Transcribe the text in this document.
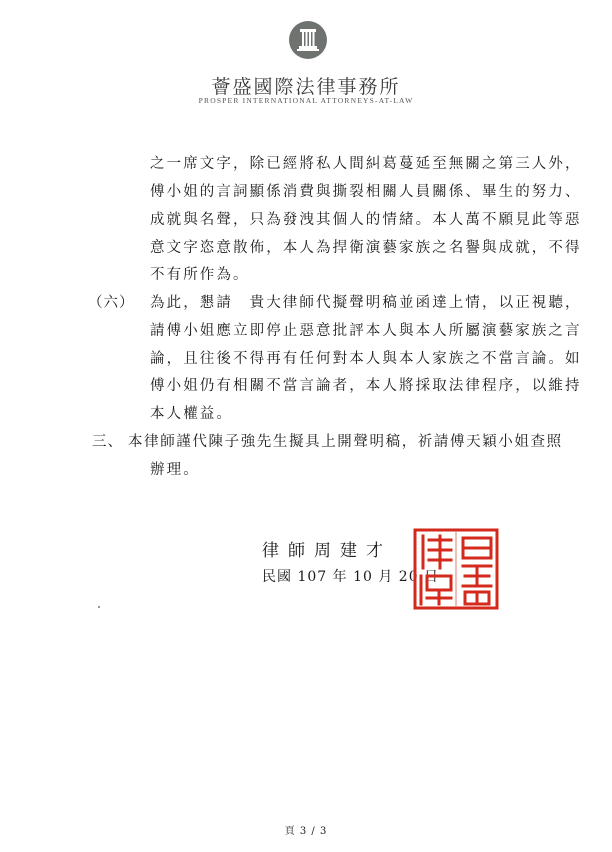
薈盛國際法律事務所
PROSPER INTERNATIONAL ATTORNEYS-AT-LAW
之一席文字，除已經將私人間糾葛蔓延至無關之第三人外，
傅小姐的言詞顯係消費與撕裂相關人員關係、畢生的努力、
成就與名聲，只為發洩其個人的情緒。本人萬不願見此等惡
意文字恣意散佈，本人為捍衛演藝家族之名譽與成就，不得
不有所作為。
（六） 為此，懇請　貴大律師代擬聲明稿並函達上情，以正視聽，
請傅小姐應立即停止惡意批評本人與本人所屬演藝家族之言
論，且往後不得再有任何對本人與本人家族之不當言論。如
傅小姐仍有相關不當言論者，本人將採取法律程序，以維持
本人權益。
三、 本律師謹代陳子強先生擬具上開聲明稿，祈請傅天穎小姐查照
辦理。
律師周建才
民國 107 年 10 月 20 日
頁 3 / 3
